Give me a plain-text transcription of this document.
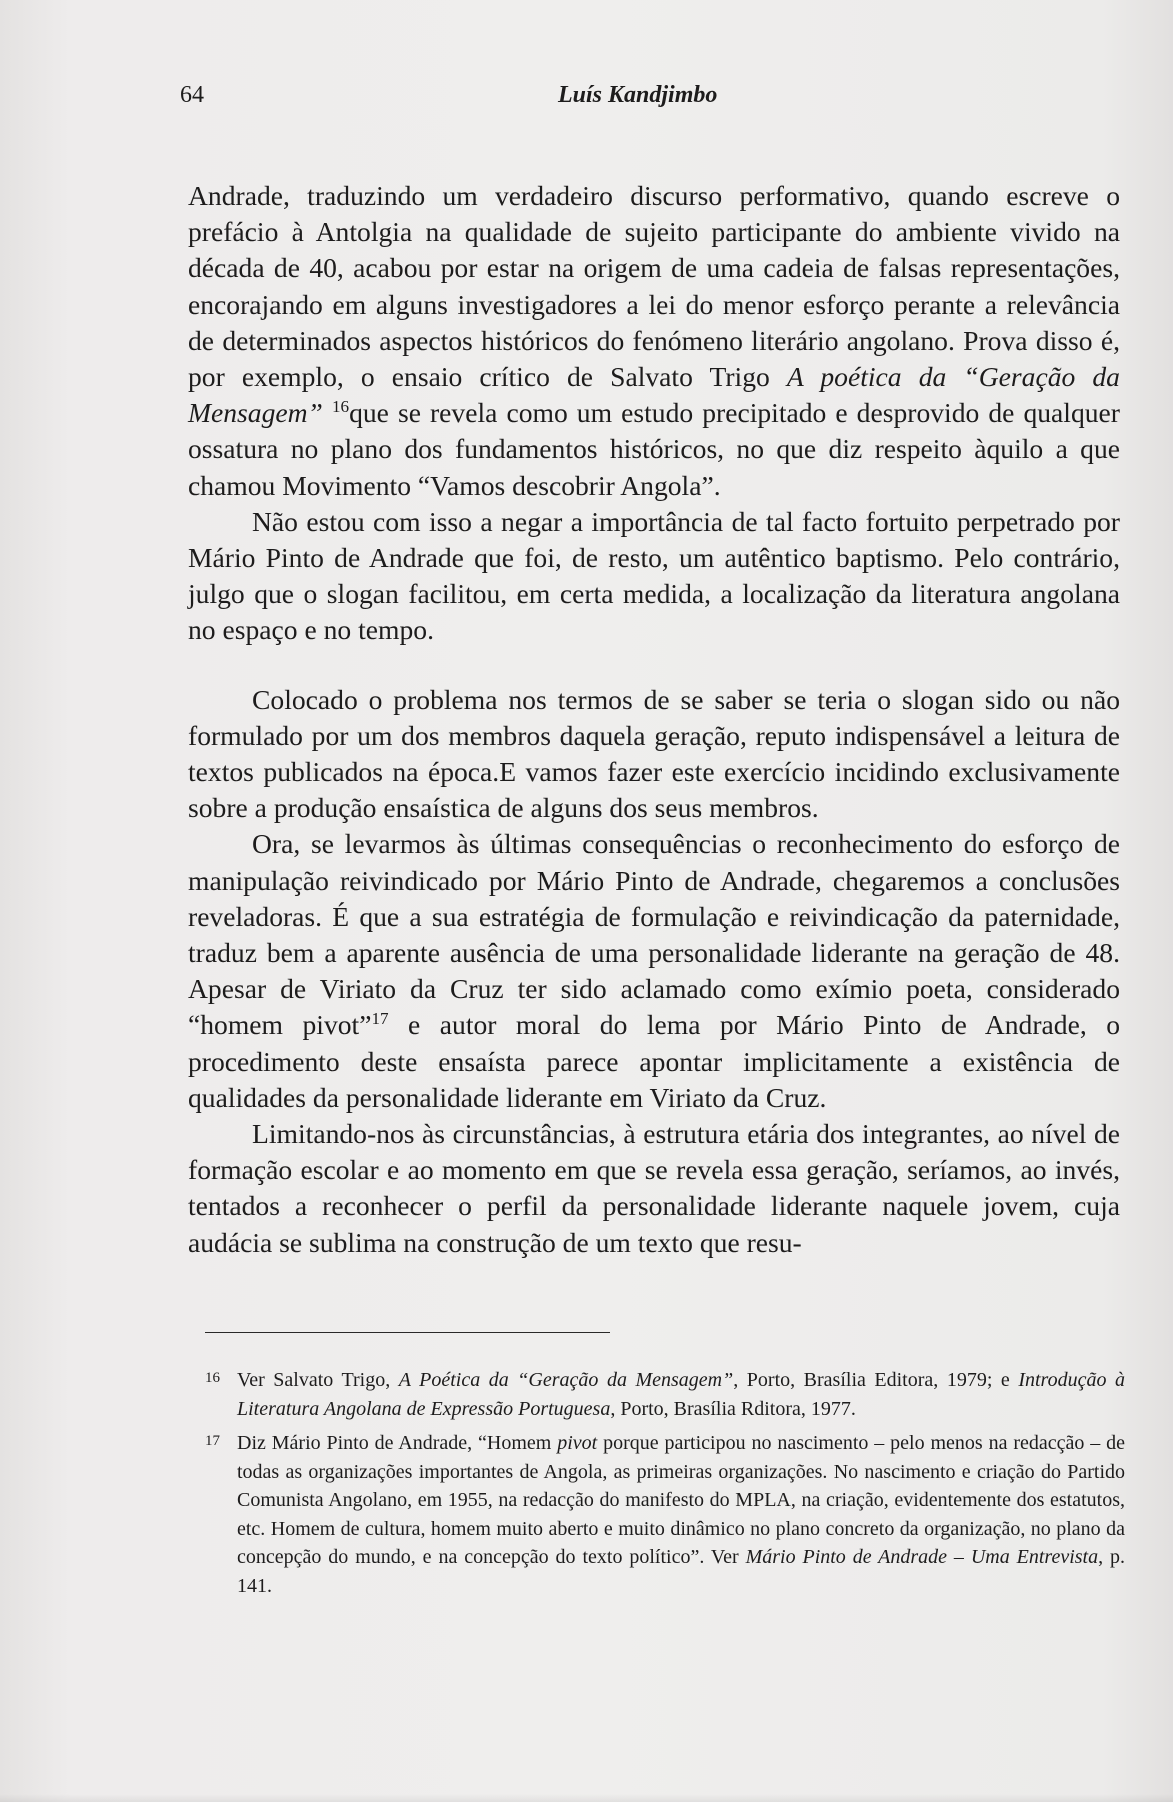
64	Luís Kandjimbo

Andrade, traduzindo um verdadeiro discurso performativo, quando escreve o prefácio à Antolgia na qualidade de sujeito participante do ambiente vivido na década de 40, acabou por estar na origem de uma cadeia de falsas representações, encorajando em alguns investigadores a lei do menor esforço perante a relevância de determinados aspectos históricos do fenómeno literário angolano. Prova disso é, por exemplo, o ensaio crítico de Salvato Trigo A poética da “Geração da Mensagem” $^{16}$que se revela como um estudo precipitado e desprovido de qualquer ossatura no plano dos fundamentos históricos, no que diz respeito àquilo a que chamou Movimento “Vamos descobrir Angola”.

Não estou com isso a negar a importância de tal facto fortuito perpetrado por Mário Pinto de Andrade que foi, de resto, um autêntico baptismo. Pelo contrário, julgo que o slogan facilitou, em certa medida, a localização da literatura angolana no espaço e no tempo.

Colocado o problema nos termos de se saber se teria o slogan sido ou não formulado por um dos membros daquela geração, reputo indispensável a leitura de textos publicados na época.E vamos fazer este exercício incidindo exclusivamente sobre a produção ensaística de alguns dos seus membros.

Ora, se levarmos às últimas consequências o reconhecimento do esforço de manipulação reivindicado por Mário Pinto de Andrade, chegaremos a conclusões reveladoras. É que a sua estratégia de formulação e reivindicação da paternidade, traduz bem a aparente ausência de uma personalidade liderante na geração de 48. Apesar de Viriato da Cruz ter sido aclamado como exímio poeta, considerado “homem pivot”$^{17}$ e autor moral do lema por Mário Pinto de Andrade, o procedimento deste ensaísta parece apontar implicitamente a existência de qualidades da personalidade liderante em Viriato da Cruz.

Limitando-nos às circunstâncias, à estrutura etária dos integrantes, ao nível de formação escolar e ao momento em que se revela essa geração, seríamos, ao invés, tentados a reconhecer o perfil da personalidade liderante naquele jovem, cuja audácia se sublima na construção de um texto que resu-

16 Ver Salvato Trigo, A Poética da “Geração da Mensagem”, Porto, Brasília Editora, 1979; e Introdução à Literatura Angolana de Expressão Portuguesa, Porto, Brasília Rditora, 1977.
17 Diz Mário Pinto de Andrade, “Homem pivot porque participou no nascimento – pelo menos na redacção – de todas as organizações importantes de Angola, as primeiras organizações. No nascimento e criação do Partido Comunista Angolano, em 1955, na redacção do manifesto do MPLA, na criação, evidentemente dos estatutos, etc. Homem de cultura, homem muito aberto e muito dinâmico no plano concreto da organização, no plano da concepção do mundo, e na concepção do texto político”. Ver Mário Pinto de Andrade – Uma Entrevista, p. 141.
